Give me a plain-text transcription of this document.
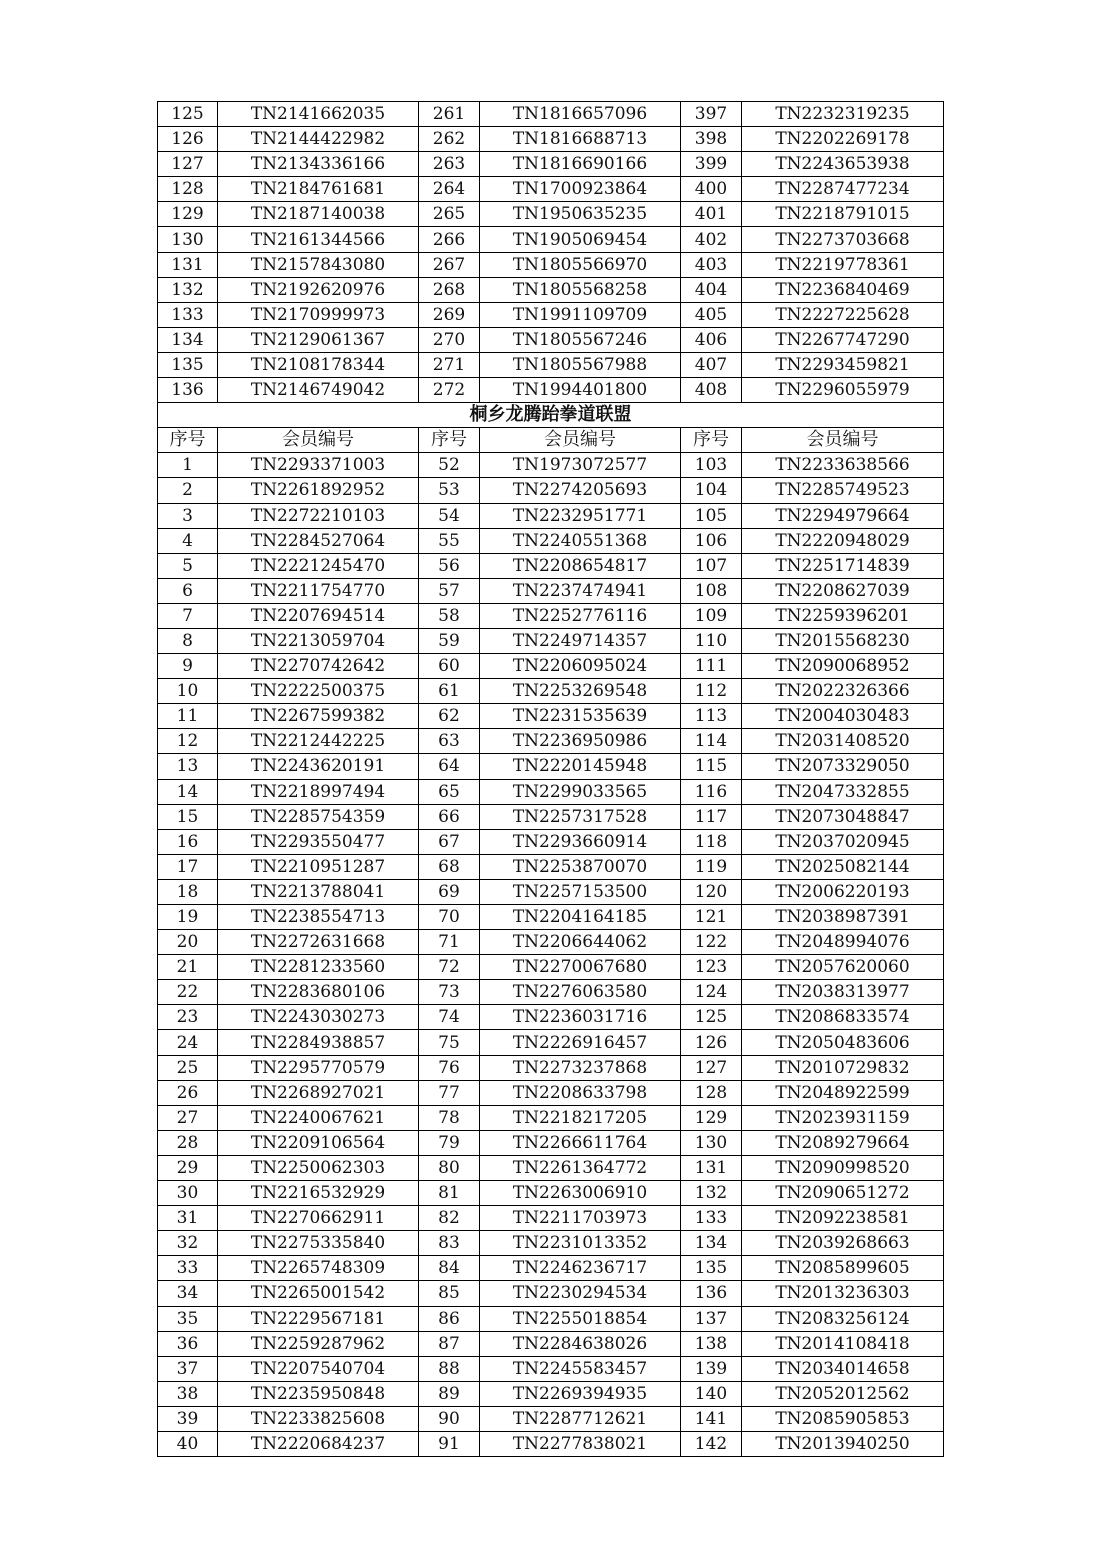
125	TN2141662035	261	TN1816657096	397	TN2232319235
126	TN2144422982	262	TN1816688713	398	TN2202269178
127	TN2134336166	263	TN1816690166	399	TN2243653938
128	TN2184761681	264	TN1700923864	400	TN2287477234
129	TN2187140038	265	TN1950635235	401	TN2218791015
130	TN2161344566	266	TN1905069454	402	TN2273703668
131	TN2157843080	267	TN1805566970	403	TN2219778361
132	TN2192620976	268	TN1805568258	404	TN2236840469
133	TN2170999973	269	TN1991109709	405	TN2227225628
134	TN2129061367	270	TN1805567246	406	TN2267747290
135	TN2108178344	271	TN1805567988	407	TN2293459821
136	TN2146749042	272	TN1994401800	408	TN2296055979
桐乡龙腾跆拳道联盟					
序号	会员编号	序号	会员编号	序号	会员编号
1	TN2293371003	52	TN1973072577	103	TN2233638566
2	TN2261892952	53	TN2274205693	104	TN2285749523
3	TN2272210103	54	TN2232951771	105	TN2294979664
4	TN2284527064	55	TN2240551368	106	TN2220948029
5	TN2221245470	56	TN2208654817	107	TN2251714839
6	TN2211754770	57	TN2237474941	108	TN2208627039
7	TN2207694514	58	TN2252776116	109	TN2259396201
8	TN2213059704	59	TN2249714357	110	TN2015568230
9	TN2270742642	60	TN2206095024	111	TN2090068952
10	TN2222500375	61	TN2253269548	112	TN2022326366
11	TN2267599382	62	TN2231535639	113	TN2004030483
12	TN2212442225	63	TN2236950986	114	TN2031408520
13	TN2243620191	64	TN2220145948	115	TN2073329050
14	TN2218997494	65	TN2299033565	116	TN2047332855
15	TN2285754359	66	TN2257317528	117	TN2073048847
16	TN2293550477	67	TN2293660914	118	TN2037020945
17	TN2210951287	68	TN2253870070	119	TN2025082144
18	TN2213788041	69	TN2257153500	120	TN2006220193
19	TN2238554713	70	TN2204164185	121	TN2038987391
20	TN2272631668	71	TN2206644062	122	TN2048994076
21	TN2281233560	72	TN2270067680	123	TN2057620060
22	TN2283680106	73	TN2276063580	124	TN2038313977
23	TN2243030273	74	TN2236031716	125	TN2086833574
24	TN2284938857	75	TN2226916457	126	TN2050483606
25	TN2295770579	76	TN2273237868	127	TN2010729832
26	TN2268927021	77	TN2208633798	128	TN2048922599
27	TN2240067621	78	TN2218217205	129	TN2023931159
28	TN2209106564	79	TN2266611764	130	TN2089279664
29	TN2250062303	80	TN2261364772	131	TN2090998520
30	TN2216532929	81	TN2263006910	132	TN2090651272
31	TN2270662911	82	TN2211703973	133	TN2092238581
32	TN2275335840	83	TN2231013352	134	TN2039268663
33	TN2265748309	84	TN2246236717	135	TN2085899605
34	TN2265001542	85	TN2230294534	136	TN2013236303
35	TN2229567181	86	TN2255018854	137	TN2083256124
36	TN2259287962	87	TN2284638026	138	TN2014108418
37	TN2207540704	88	TN2245583457	139	TN2034014658
38	TN2235950848	89	TN2269394935	140	TN2052012562
39	TN2233825608	90	TN2287712621	141	TN2085905853
40	TN2220684237	91	TN2277838021	142	TN2013940250
